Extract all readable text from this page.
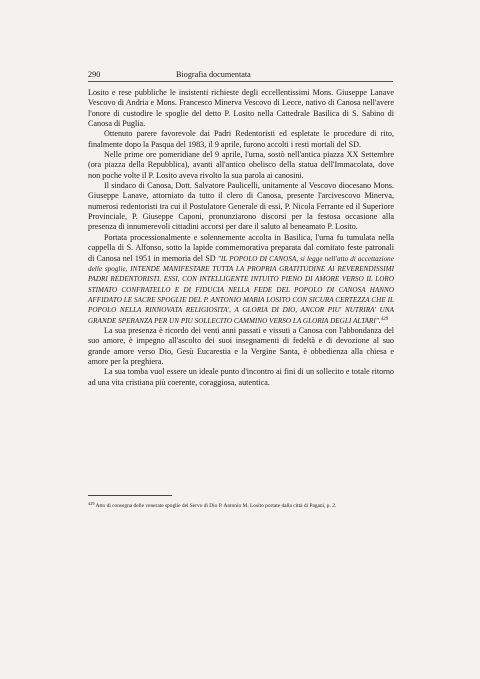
290	Biografia documentata

Losito e rese pubbliche le insistenti richieste degli eccellentissimi Mons. Giuseppe Lanave Vescovo di Andria e Mons. Francesco Minerva Vescovo di Lecce, nativo di Canosa nell'avere l'onore di custodire le spoglie del detto P. Losito nella Cattedrale Basilica di S. Sabino di Canosa di Puglia.

Ottenuto parere favorevole dai Padri Redentoristi ed espletate le procedure di rito, finalmente dopo la Pasqua del 1983, il 9 aprile, furono accolti i resti mortali del SD.

Nelle prime ore pomeridiane del 9 aprile, l'urna, sostò nell'antica piazza XX Settembre (ora piazza della Repubblica), avanti all'antico obelisco della statua dell'Immacolata, dove non poche volte il P. Losito aveva rivolto la sua parola ai canosini.

Il sindaco di Canosa, Dott. Salvatore Paulicelli, unitamente al Vescovo diocesano Mons. Giuseppe Lanave, attorniato da tutto il clero di Canosa, presente l'arcivescovo Minerva, numerosi redentoristi tra cui il Postulatore Generale di essi, P. Nicola Ferrante ed il Superiore Provinciale, P. Giuseppe Caponi, pronunziarono discorsi per la festosa occasione alla presenza di innumerevoli cittadini accorsi per dare il saluto al beneamato P. Losito.

Portata processionalmente e solennemente accolta in Basilica, l'urna fu tumulata nella cappella di S. Alfonso, sotto la lapide commemorativa preparata dal comitato feste patronali di Canosa nel 1951 in memoria del SD "IL POPOLO DI CANOSA, si legge nell'atto di accettazione delle spoglie, INTENDE MANIFESTARE TUTTA LA PROPRIA GRATITUDINE AI REVERENDISSIMI PADRI REDENTORISTI. ESSI, CON INTELLIGENTE INTUITO PIENO DI AMORE VERSO IL LORO STIMATO CONFRATELLO E DI FIDUCIA NELLA FEDE DEL POPOLO DI CANOSA HANNO AFFIDATO LE SACRE SPOGLIE DEL P. ANTONIO MARIA LOSITO CON SICURA CERTEZZA CHE IL POPOLO NELLA RINNOVATA RELIGIOSITA', A GLORIA DI DIO, ANCOR PIU' NUTRIRA' UNA GRANDE SPERANZA PER UN PIU SOLLECITO CAMMINO VERSO LA GLORIA DEGLI ALTARI".$^{429}$

La sua presenza è ricordo dei venti anni passati e vissuti a Canosa con l'abbondanza del suo amore, è impegno all'ascolto dei suoi insegnamenti di fedeltà e di devozione al suo grande amore verso Dio, Gesù Eucarestia e la Vergine Santa, è obbedienza alla chiesa e amore per la preghiera.

La sua tomba vuol essere un ideale punto d'incontro ai fini di un sollecito e totale ritorno ad una vita cristiana più coerente, coraggiosa, autentica.

$^{429}$ Atto di consegna delle venerate spoglie del Servo di Dio P. Antonio M. Losito portate dalla città di Pagani, p. 2.
